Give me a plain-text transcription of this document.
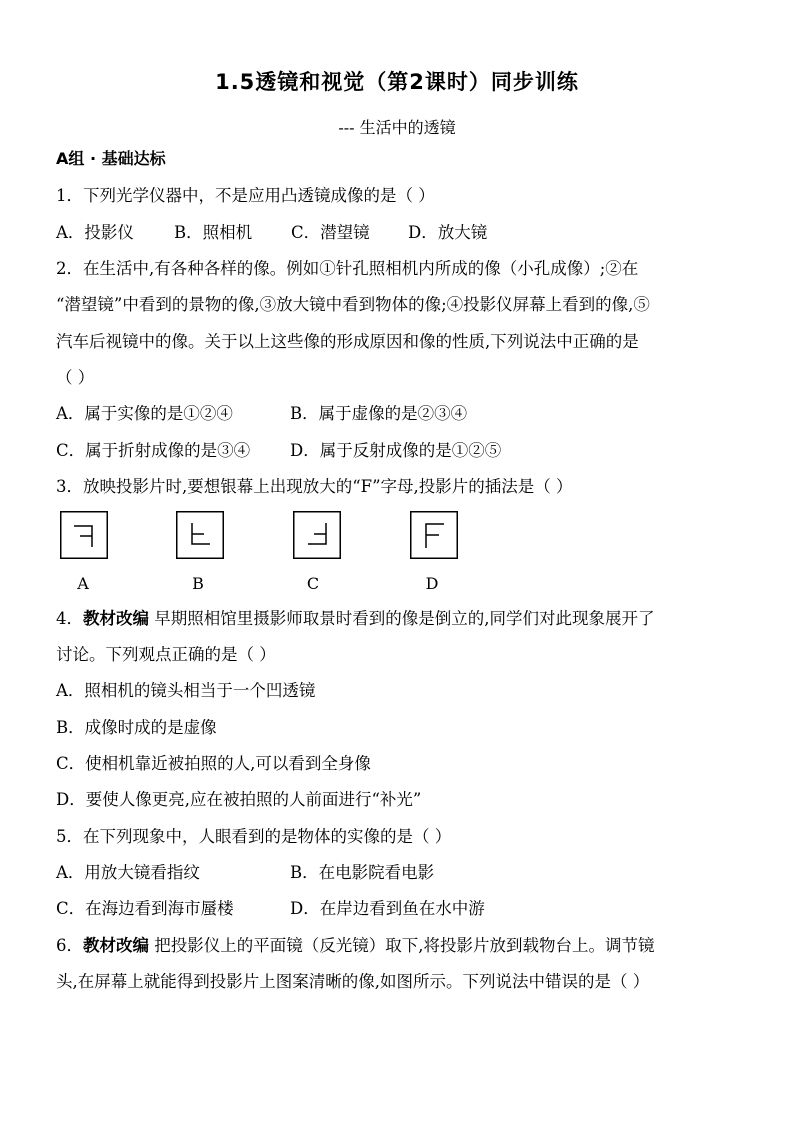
1.5透镜和视觉（第2课时）同步训练
--- 生活中的透镜
A组 · 基础达标
1．下列光学仪器中，不是应用凸透镜成像的是（ ）
A．投影仪 B．照相机 C．潜望镜 D．放大镜
2．在生活中,有各种各样的像。例如①针孔照相机内所成的像（小孔成像）;②在
“潜望镜”中看到的景物的像,③放大镜中看到物体的像;④投影仪屏幕上看到的像,⑤
汽车后视镜中的像。关于以上这些像的形成原因和像的性质,下列说法中正确的是
（ ）
A．属于实像的是①②④	B．属于虚像的是②③④
C．属于折射成像的是③④ D．属于反射成像的是①②⑤
3．放映投影片时,要想银幕上出现放大的“F”字母,投影片的插法是（ ）
A	B	C	D
4．教材改编 早期照相馆里摄影师取景时看到的像是倒立的,同学们对此现象展开了
讨论。下列观点正确的是（ ）
A．照相机的镜头相当于一个凹透镜
B．成像时成的是虚像
C．使相机靠近被拍照的人,可以看到全身像
D．要使人像更亮,应在被拍照的人前面进行“补光”
5．在下列现象中，人眼看到的是物体的实像的是（ ）
A．用放大镜看指纹	B．在电影院看电影
C．在海边看到海市蜃楼	D．在岸边看到鱼在水中游
6．教材改编 把投影仪上的平面镜（反光镜）取下,将投影片放到载物台上。调节镜
头,在屏幕上就能得到投影片上图案清晰的像,如图所示。下列说法中错误的是（ ）
